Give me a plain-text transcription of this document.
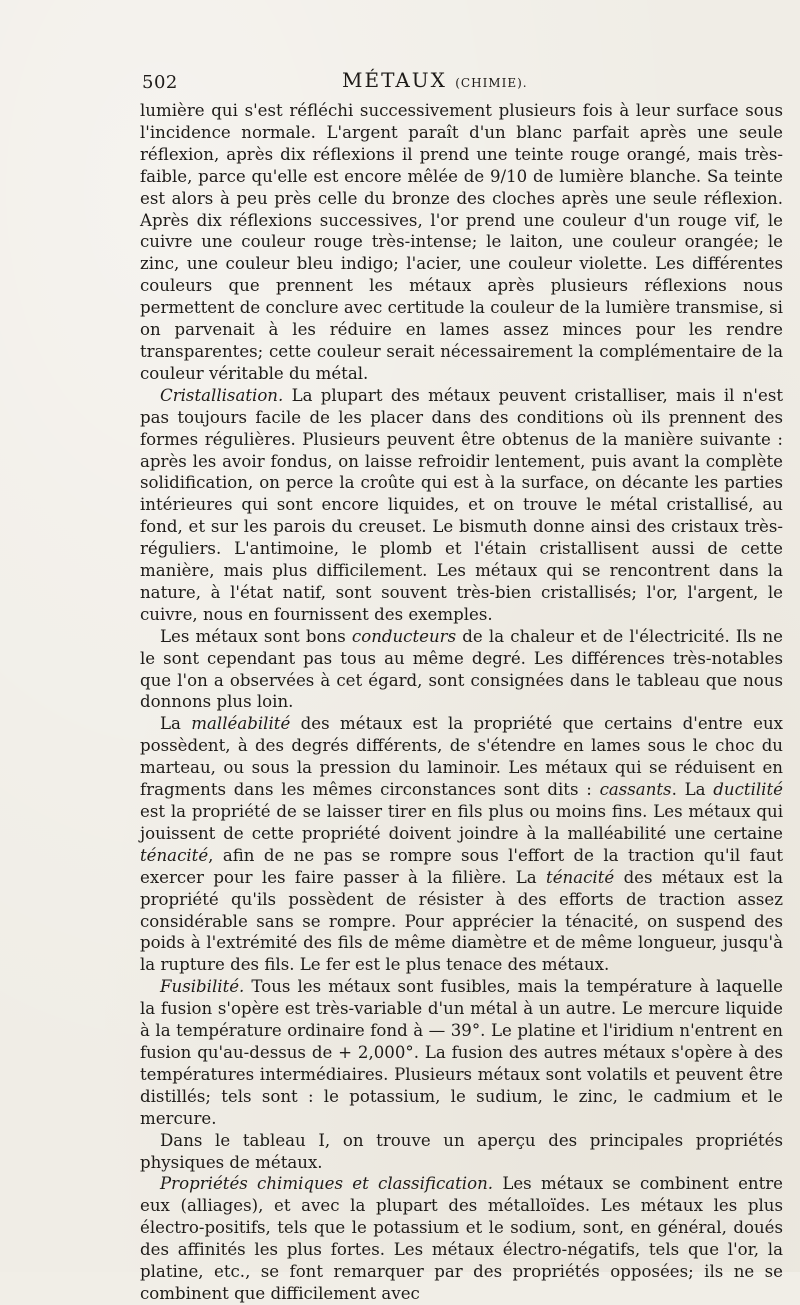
502	MÉTAUX (CHIMIE).

lumière qui s'est réfléchi successivement plusieurs fois à leur surface sous l'incidence normale. L'argent paraît d'un blanc parfait après une seule réflexion, après dix réflexions il prend une teinte rouge orangé, mais très-faible, parce qu'elle est encore mêlée de 9/10 de lumière blanche. Sa teinte est alors à peu près celle du bronze des cloches après une seule réflexion. Après dix réflexions successives, l'or prend une couleur d'un rouge vif, le cuivre une couleur rouge très-intense; le laiton, une couleur orangée; le zinc, une couleur bleu indigo; l'acier, une couleur violette. Les différentes couleurs que prennent les métaux après plusieurs réflexions nous permettent de conclure avec certitude la couleur de la lumière transmise, si on parvenait à les réduire en lames assez minces pour les rendre transparentes; cette couleur serait nécessairement la complémentaire de la couleur véritable du métal.

Cristallisation. La plupart des métaux peuvent cristalliser, mais il n'est pas toujours facile de les placer dans des conditions où ils prennent des formes régulières. Plusieurs peuvent être obtenus de la manière suivante : après les avoir fondus, on laisse refroidir lentement, puis avant la complète solidification, on perce la croûte qui est à la surface, on décante les parties intérieures qui sont encore liquides, et on trouve le métal cristallisé, au fond, et sur les parois du creuset. Le bismuth donne ainsi des cristaux très-réguliers. L'antimoine, le plomb et l'étain cristallisent aussi de cette manière, mais plus difficilement. Les métaux qui se rencontrent dans la nature, à l'état natif, sont souvent très-bien cristallisés; l'or, l'argent, le cuivre, nous en fournissent des exemples.

Les métaux sont bons conducteurs de la chaleur et de l'électricité. Ils ne le sont cependant pas tous au même degré. Les différences très-notables que l'on a observées à cet égard, sont consignées dans le tableau que nous donnons plus loin.

La malléabilité des métaux est la propriété que certains d'entre eux possèdent, à des degrés différents, de s'étendre en lames sous le choc du marteau, ou sous la pression du laminoir. Les métaux qui se réduisent en fragments dans les mêmes circonstances sont dits : cassants. La ductilité est la propriété de se laisser tirer en fils plus ou moins fins. Les métaux qui jouissent de cette propriété doivent joindre à la malléabilité une certaine ténacité, afin de ne pas se rompre sous l'effort de la traction qu'il faut exercer pour les faire passer à la filière. La ténacité des métaux est la propriété qu'ils possèdent de résister à des efforts de traction assez considérable sans se rompre. Pour apprécier la ténacité, on suspend des poids à l'extrémité des fils de même diamètre et de même longueur, jusqu'à la rupture des fils. Le fer est le plus tenace des métaux.

Fusibilité. Tous les métaux sont fusibles, mais la température à laquelle la fusion s'opère est très-variable d'un métal à un autre. Le mercure liquide à la température ordinaire fond à — 39°. Le platine et l'iridium n'entrent en fusion qu'au-dessus de + 2,000°. La fusion des autres métaux s'opère à des températures intermédiaires. Plusieurs métaux sont volatils et peuvent être distillés; tels sont : le potassium, le sudium, le zinc, le cadmium et le mercure.

Dans le tableau I, on trouve un aperçu des principales propriétés physiques de métaux.

Propriétés chimiques et classification. Les métaux se combinent entre eux (alliages), et avec la plupart des métalloïdes. Les métaux les plus électro-positifs, tels que le potassium et le sodium, sont, en général, doués des affinités les plus fortes. Les métaux électro-négatifs, tels que l'or, la platine, etc., se font remarquer par des propriétés opposées; ils ne se combinent que difficilement avec
